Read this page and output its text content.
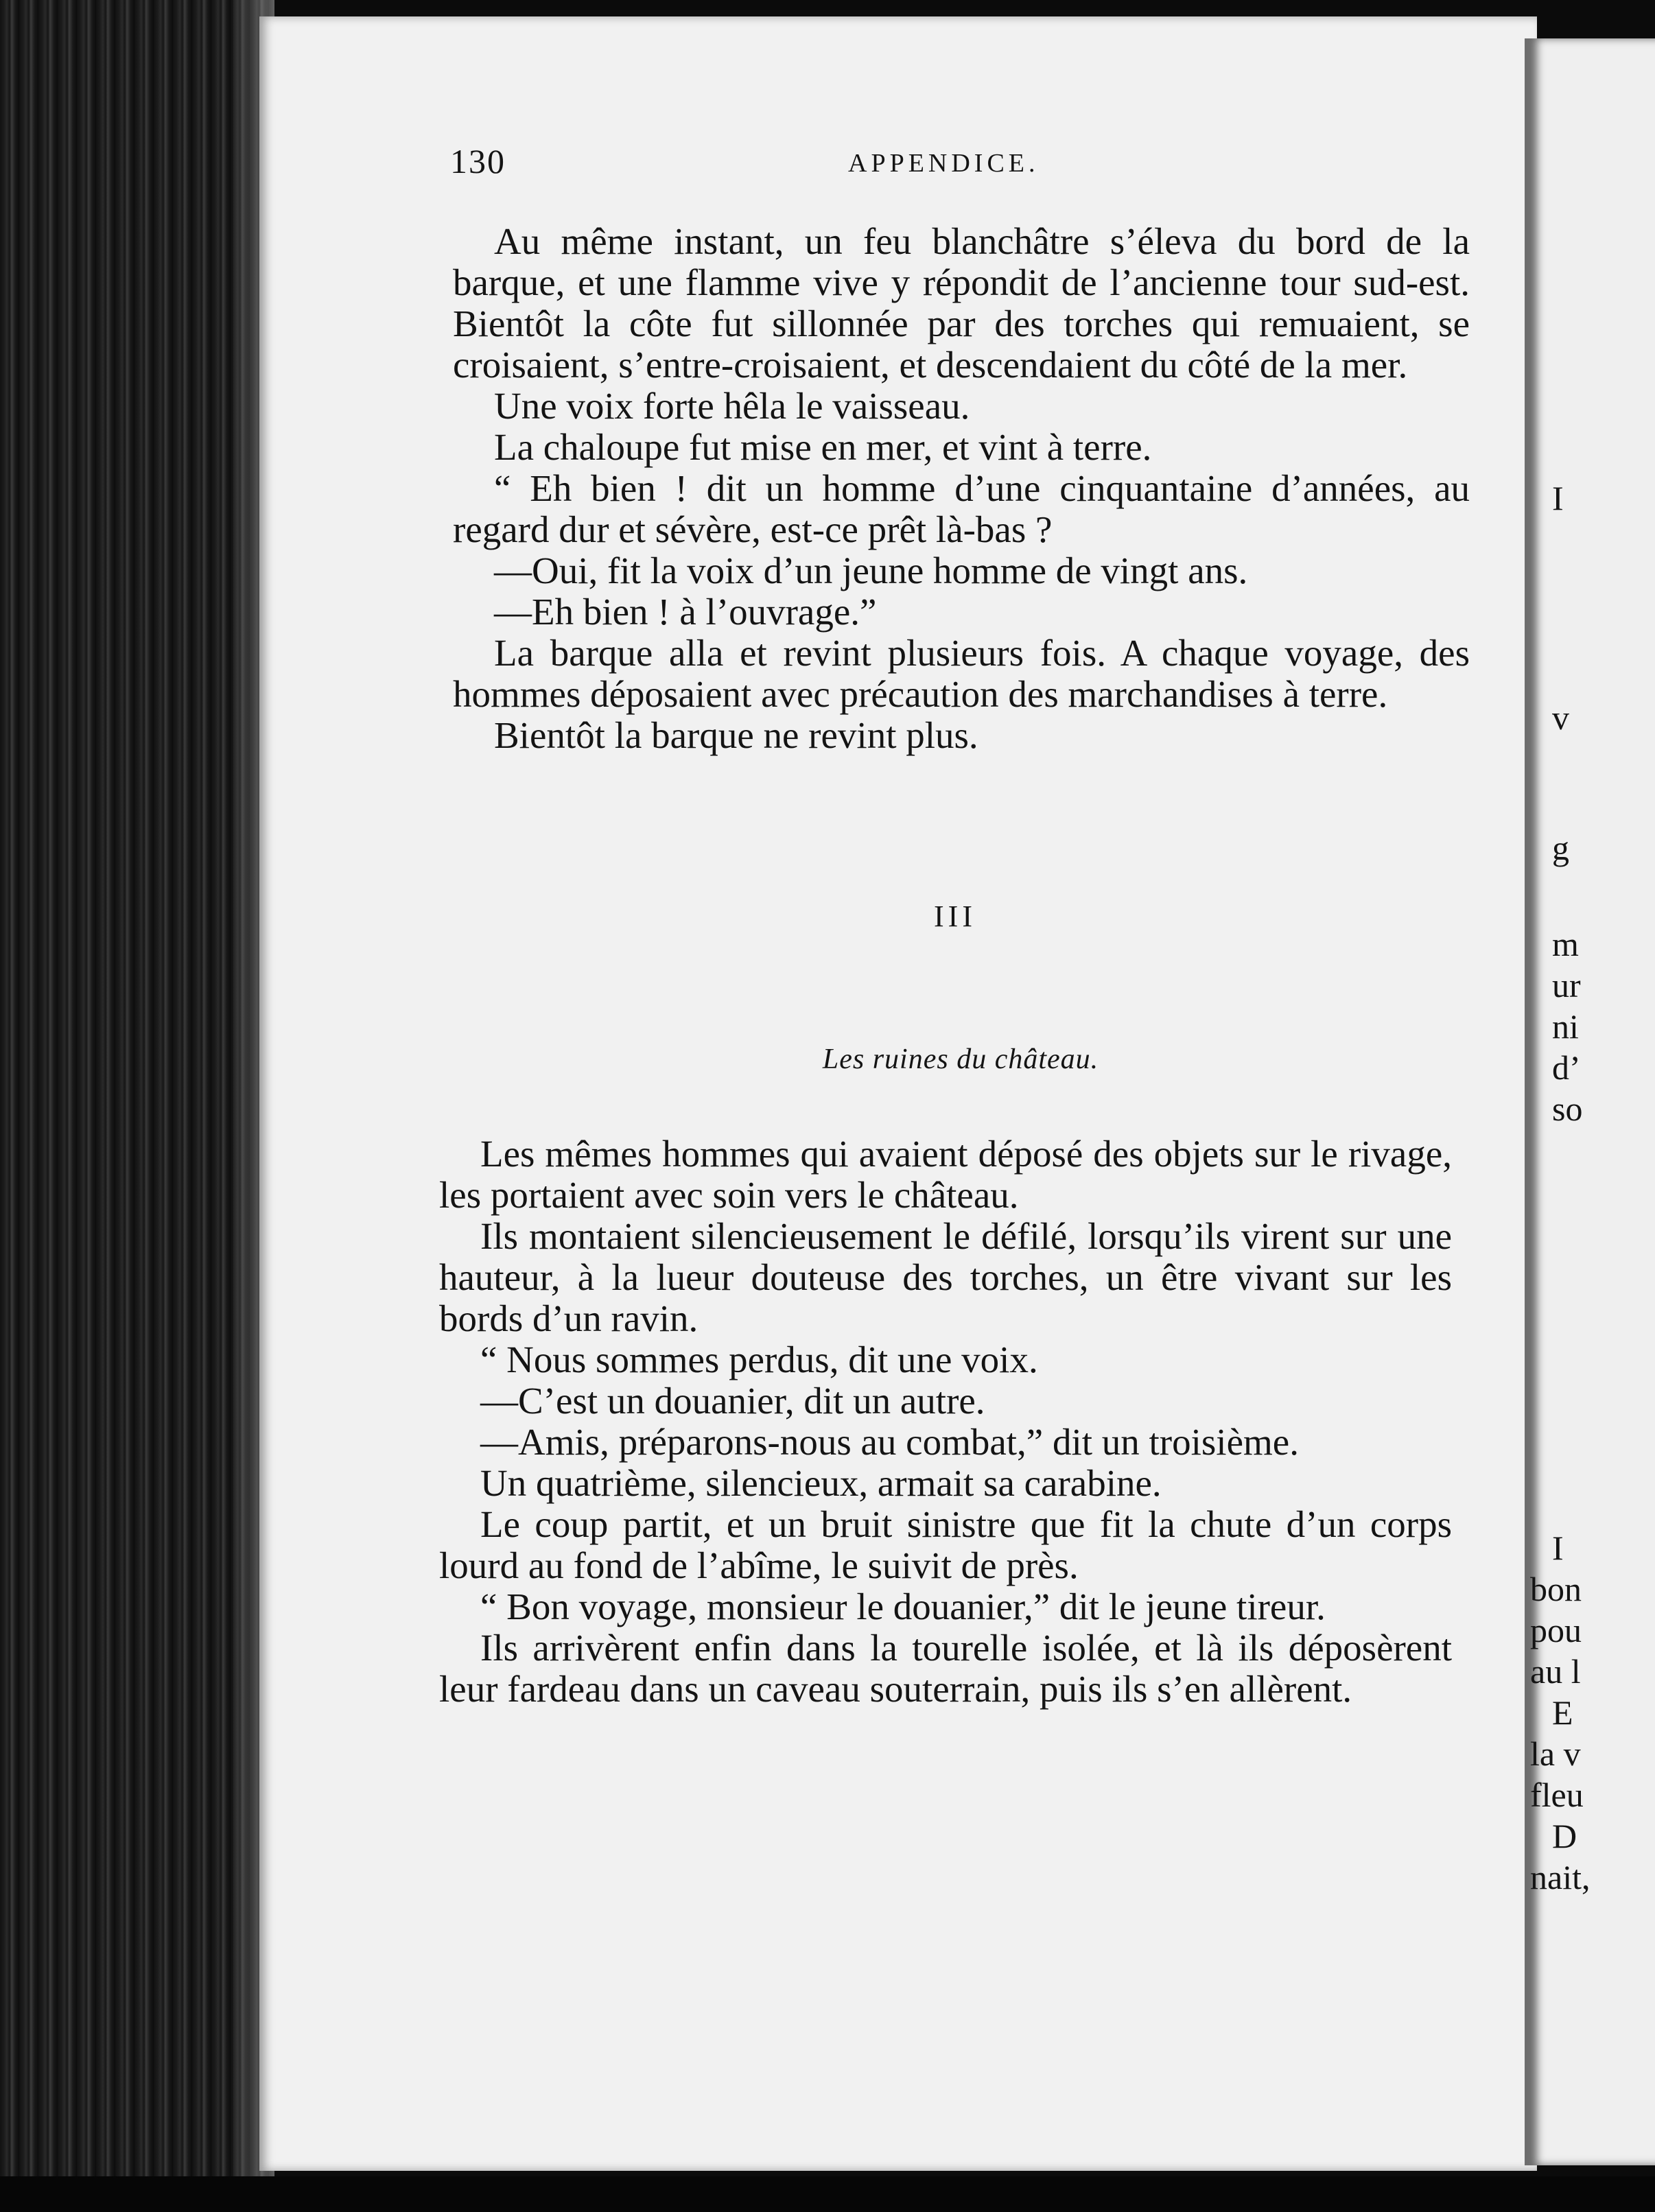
I
v
g
m
ur
ni
d’
so
I
bon
pou
au l
E
la v
fleu
D
nait,
130	APPENDICE.

Au même instant, un feu blanchâtre s’éleva du bord de la barque, et une flamme vive y répondit de l’ancienne tour sud-est. Bientôt la côte fut sillonnée par des torches qui remuaient, se croisaient, s’entre-croisaient, et descendaient du côté de la mer.

Une voix forte hêla le vaisseau.

La chaloupe fut mise en mer, et vint à terre.

“ Eh bien ! dit un homme d’une cinquantaine d’années, au regard dur et sévère, est-ce prêt là-bas ?

—Oui, fit la voix d’un jeune homme de vingt ans.

—Eh bien ! à l’ouvrage.”

La barque alla et revint plusieurs fois. A chaque voyage, des hommes déposaient avec précaution des marchandises à terre.

Bientôt la barque ne revint plus.

III
Les ruines du château.

Les mêmes hommes qui avaient déposé des objets sur le rivage, les portaient avec soin vers le château.

Ils montaient silencieusement le défilé, lorsqu’ils virent sur une hauteur, à la lueur douteuse des torches, un être vivant sur les bords d’un ravin.

“ Nous sommes perdus, dit une voix.

—C’est un douanier, dit un autre.

—Amis, préparons-nous au combat,” dit un troisième.

Un quatrième, silencieux, armait sa carabine.

Le coup partit, et un bruit sinistre que fit la chute d’un corps lourd au fond de l’abîme, le suivit de près.

“ Bon voyage, monsieur le douanier,” dit le jeune tireur.

Ils arrivèrent enfin dans la tourelle isolée, et là ils déposèrent leur fardeau dans un caveau souterrain, puis ils s’en allèrent.
